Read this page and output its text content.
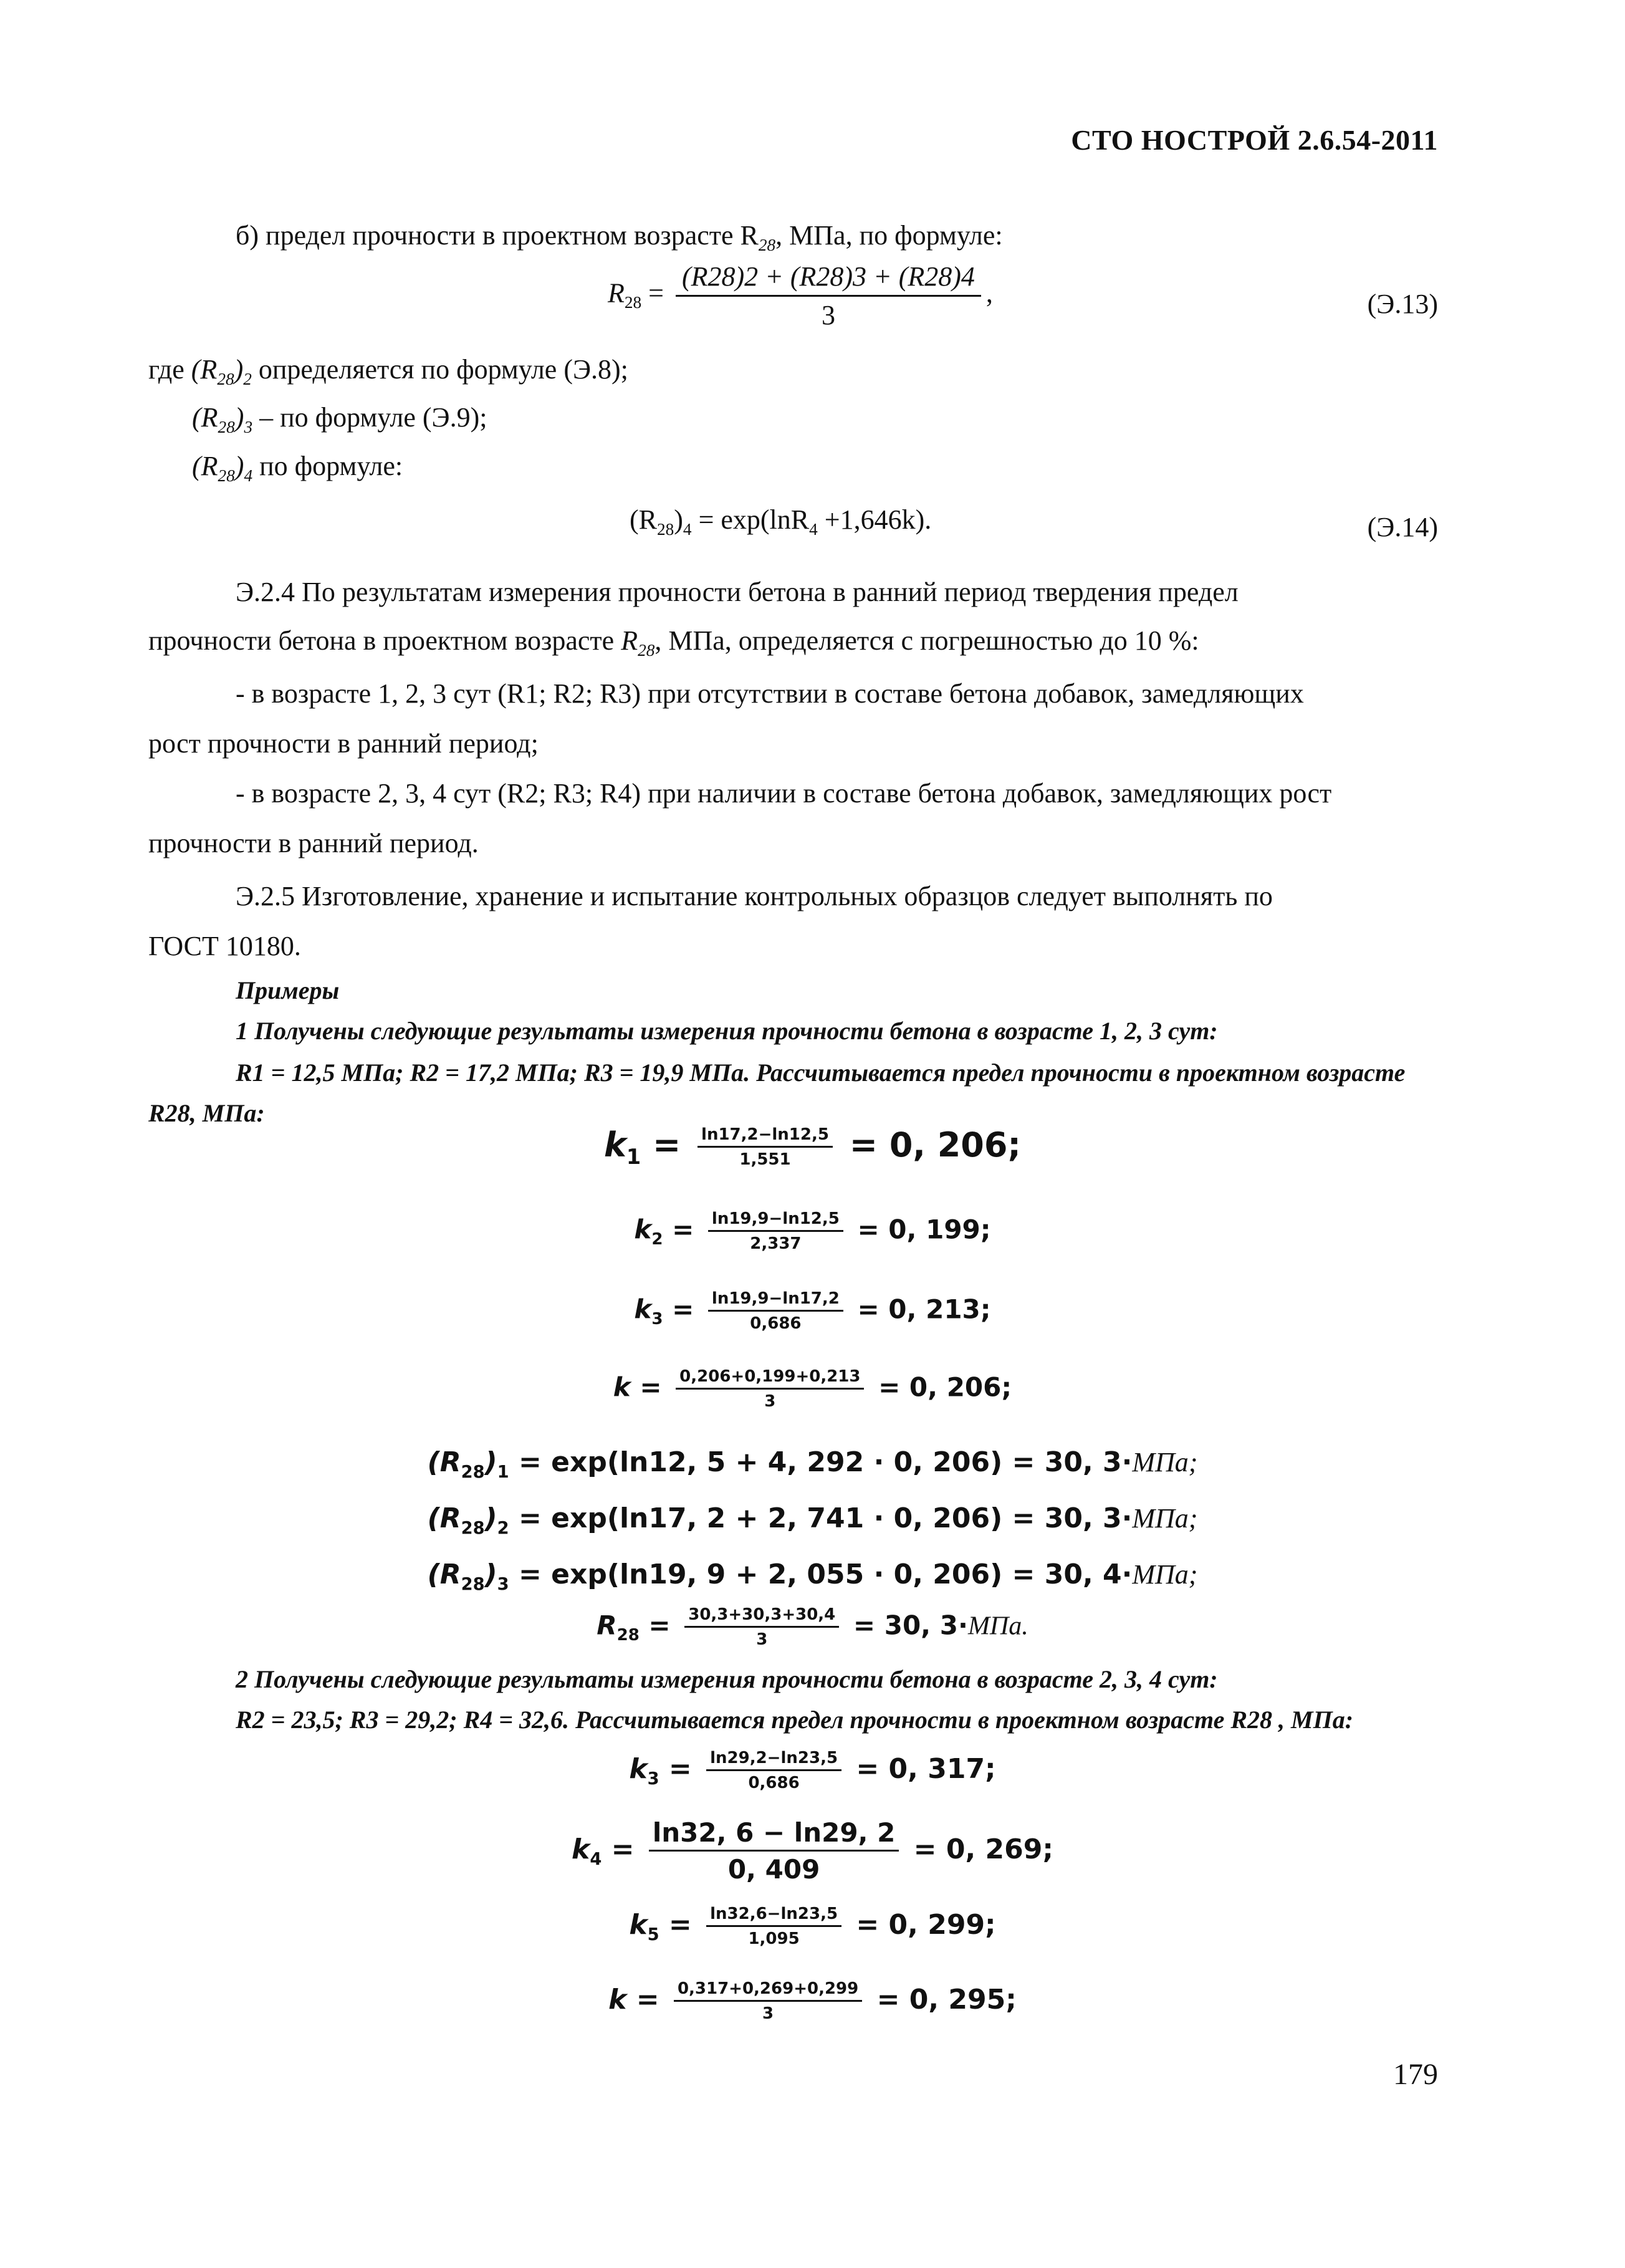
СТО НОСТРОЙ 2.6.54-2011
б) предел прочности в проектном возрасте $R_{28}$, МПа, по формуле:
$R_{28} = \frac{(R28)2 + (R28)3 + (R28)4}{3}$ ,	(Э.13)
где $(R_{28})_2$ определяется по формуле (Э.8);
$(R_{28})_3$ – по формуле (Э.9);
$(R_{28})_4$ по формуле:
$(R_{28})_4 = \exp(\ln R_4 +1,646k)$.	(Э.14)
Э.2.4 По результатам измерения прочности бетона в ранний период твердения предел
прочности бетона в проектном возрасте $R_{28}$, МПа, определяется с погрешностью до 10 %:
- в возрасте 1, 2, 3 сут (R1; R2; R3) при отсутствии в составе бетона добавок, замедляющих
рост прочности в ранний период;
- в возрасте 2, 3, 4 сут (R2; R3; R4) при наличии в составе бетона добавок, замедляющих рост
прочности в ранний период.
Э.2.5 Изготовление, хранение и испытание контрольных образцов следует выполнять по
ГОСТ 10180.
Примеры
1 Получены следующие результаты измерения прочности бетона в возрасте 1, 2, 3 сут:
R1 = 12,5 МПа; R2 = 17,2 МПа; R3 = 19,9 МПа. Рассчитывается предел прочности в проектном возрасте
R28, МПа:
$k_1 = \frac{\ln 17,2-\ln 12,5}{1,551} = 0$, 206;
$k_2 = \frac{\ln 19,9-\ln 12,5}{2,337} = 0$, 199;
$k_3 = \frac{\ln 19,9-\ln 17,2}{0,686} = 0$, 213;
$k = \frac{0,206+0,199+0,213}{3} = 0$, 206;
$(R_{28})_1 = \exp(\ln 12$, 5 + 4, 292 · 0, 206) = 30, 3·МПа;
$(R_{28})_2 = \exp(\ln 17$, 2 + 2, 741 · 0, 206) = 30, 3·МПа;
$(R_{28})_3 = \exp(\ln 19$, 9 + 2, 055 · 0, 206) = 30, 4·МПа;
$R_{28} = \frac{30,3+30,3+30,4}{3} = 30$, 3·МПа.
2 Получены следующие результаты измерения прочности бетона в возрасте 2, 3, 4 сут:
R2 = 23,5; R3 = 29,2; R4 = 32,6. Рассчитывается предел прочности в проектном возрасте R28 , МПа:
$k_3 = \frac{\ln 29,2-\ln 23,5}{0,686} = 0$, 317;
$k_4 = \frac{\ln 32, 6 - \ln 29, 2}{0, 409} = 0$, 269;
$k_5 = \frac{\ln 32,6-\ln 23,5}{1,095} = 0$, 299;
$k = \frac{0,317+0,269+0,299}{3} = 0$, 295;
179
